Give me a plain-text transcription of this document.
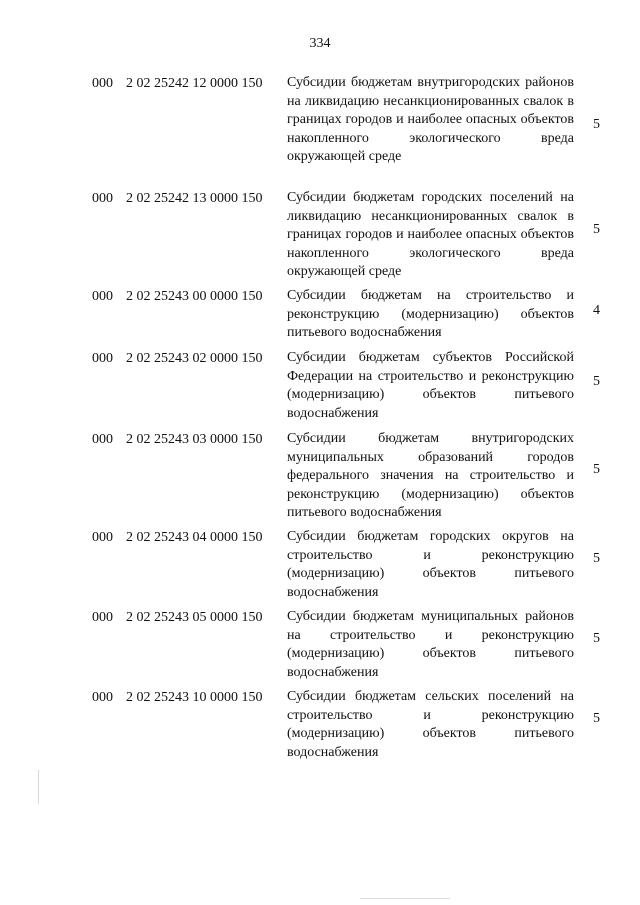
334
000 2 02 25242 12 0000 150 Субсидии бюджетам внутригородских районов на ликвидацию несанкционированных свалок в границах городов и наиболее опасных объектов накопленного экологического вреда окружающей среде

5
000 2 02 25242 13 0000 150 Субсидии бюджетам городских поселений на ликвидацию несанкционированных свалок в границах городов и наиболее опасных объектов накопленного экологического вреда окружающей среде

5
000 2 02 25243 00 0000 150 Субсидии бюджетам на строительство и реконструкцию (модернизацию) объектов питьевого водоснабжения

4
000 2 02 25243 02 0000 150 Субсидии бюджетам субъектов Российской Федерации на строительство и реконструкцию (модернизацию) объектов питьевого водоснабжения

5
000 2 02 25243 03 0000 150 Субсидии бюджетам внутригородских муниципальных образований городов федерального значения на строительство и реконструкцию (модернизацию) объектов питьевого водоснабжения

5
000 2 02 25243 04 0000 150 Субсидии бюджетам городских округов на строительство и реконструкцию (модернизацию) объектов питьевого водоснабжения

5
000 2 02 25243 05 0000 150 Субсидии бюджетам муниципальных районов на строительство и реконструкцию (модернизацию) объектов питьевого водоснабжения

5
000 2 02 25243 10 0000 150 Субсидии бюджетам сельских поселений на строительство и реконструкцию (модернизацию) объектов питьевого водоснабжения

5
